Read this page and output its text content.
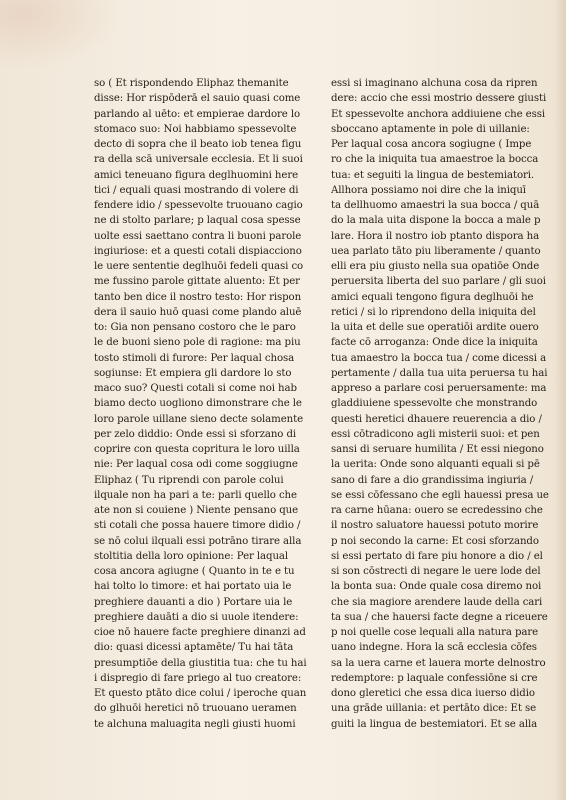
so ( Et rispondendo Eliphaz themanite
disse: Hor rispōderā el sauio quasi come
parlando al uēto: et empierae dardore lo
stomaco suo: Noi habbiamo spessevolte
decto di sopra che il beato iob tenea figu
ra della scā universale ecclesia. Et li suoi
amici teneuano figura deglhuomini here
tici / equali quasi mostrando di volere di
fendere idio / spessevolte truouano cagio
ne di stolto parlare; p laqual cosa spesse
uolte essi saettano contra li buoni parole
ingiuriose: et a questi cotali dispiacciono
le uere sententie deglhuōi fedeli quasi co
me fussino parole gittate aluento: Et per
tanto ben dice il nostro testo: Hor rispon
dera il sauio huō quasi come plando aluē
to: Gia non pensano costoro che le paro
le de buoni sieno pole di ragione: ma piu
tosto stimoli di furore: Per laqual chosa
sogiunse: Et empiera gli dardore lo sto
maco suo? Questi cotali si come noi hab
biamo decto uogliono dimonstrare che le
loro parole uillane sieno decte solamente
per zelo diddio: Onde essi si sforzano di
coprire con questa copritura le loro uilla
nie: Per laqual cosa odi come soggiugne
Eliphaz ( Tu riprendi con parole colui
ilquale non ha pari a te: parli quello che
ate non si couiene ) Niente pensano que
sti cotali che possa hauere timore didio /
se nō colui ilquali essi potrāno tirare alla
stoltitia della loro opinione: Per laqual
cosa ancora agiugne ( Quanto in te e tu
hai tolto lo timore: et hai portato uia le
preghiere dauanti a dio ) Portare uia le
preghiere dauāti a dio si uuole itendere:
cioe nō hauere facte preghiere dinanzi ad
dio: quasi dicessi aptamēte/ Tu hai tāta
presumptiōe della giustitia tua: che tu hai
i dispregio di fare priego al tuo creatore:
Et questo ptāto dice colui / iperoche quan
do glhuōi heretici nō truouano ueramen
te alchuna maluagita negli giusti huomi
essi si imaginano alchuna cosa da ripren
dere: accio che essi mostrio dessere giusti
Et spessevolte anchora addiuiene che essi
sboccano aptamente in pole di uillanie:
Per laqual cosa ancora sogiugne ( Impe
ro che la iniquita tua amaestroe la bocca
tua: et seguiti la lingua de bestemiatori.
Allhora possiamo noi dire che la iniquī
ta dellhuomo amaestri la sua bocca / quā
do la mala uita dispone la bocca a male p
lare. Hora il nostro iob ptanto dispora ha
uea parlato tāto piu liberamente / quanto
elli era piu giusto nella sua opatiōe Onde
peruersita liberta del suo parlare / gli suoi
amici equali tengono figura deglhuōi he
retici / si lo riprendono della iniquita del
la uita et delle sue operatiōi ardite ouero
facte cō arroganza: Onde dice la iniquita
tua amaestro la bocca tua / come dicessi a
pertamente / dalla tua uita peruersa tu hai
appreso a parlare cosi peruersamente: ma
gladdiuiene spessevolte che monstrando
questi heretici dhauere reuerencia a dio /
essi cōtradicono agli misterii suoi: et pen
sansi di seruare humilita / Et essi niegono
la uerita: Onde sono alquanti equali si pē
sano di fare a dio grandissima ingiuria /
se essi cōfessano che egli hauessi presa ue
ra carne hūana: ouero se ecredessino che
il nostro saluatore hauessi potuto morire
p noi secondo la carne: Et cosi sforzando
si essi pertato di fare piu honore a dio / el
si son cōstrecti di negare le uere lode del
la bonta sua: Onde quale cosa diremo noi
che sia magiore arendere laude della cari
ta sua / che hauersi facte degne a riceuere
p noi quelle cose lequali alla natura pare
uano indegne. Hora la scā ecclesia cōfes
sa la uera carne et lauera morte delnostro
redemptore: p laquale confessiōne si cre
dono gleretici che essa dica iuerso didio
una grāde uillania: et pertāto dice: Et se
guiti la lingua de bestemiatori. Et se alla
